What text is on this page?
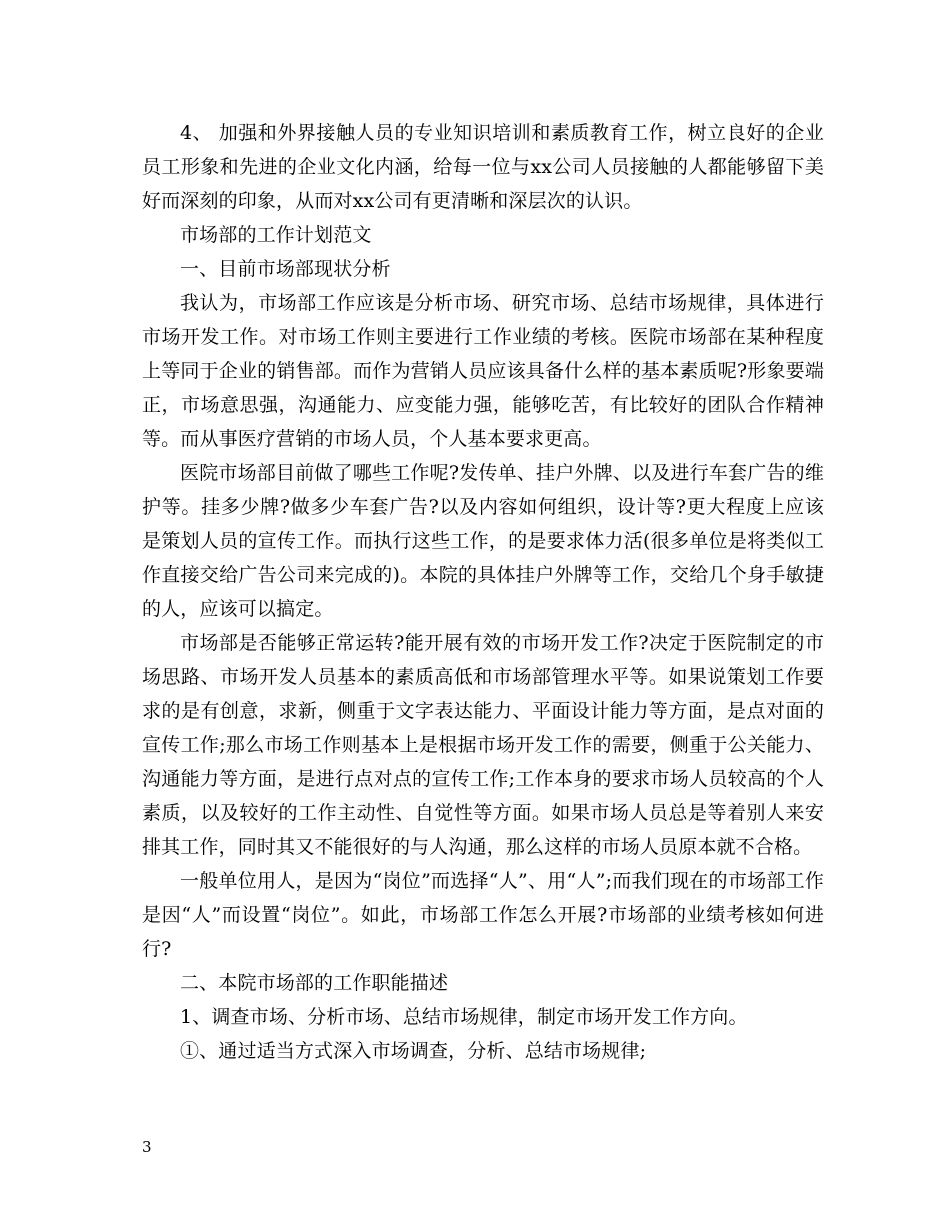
4、 加强和外界接触人员的专业知识培训和素质教育工作，树立良好的企业员工形象和先进的企业文化内涵，给每一位与xx公司人员接触的人都能够留下美好而深刻的印象，从而对xx公司有更清晰和深层次的认识。

市场部的工作计划范文

一、目前市场部现状分析

我认为，市场部工作应该是分析市场、研究市场、总结市场规律，具体进行市场开发工作。对市场工作则主要进行工作业绩的考核。医院市场部在某种程度上等同于企业的销售部。而作为营销人员应该具备什么样的基本素质呢?形象要端正，市场意思强，沟通能力、应变能力强，能够吃苦，有比较好的团队合作精神等。而从事医疗营销的市场人员，个人基本要求更高。

医院市场部目前做了哪些工作呢?发传单、挂户外牌、以及进行车套广告的维护等。挂多少牌?做多少车套广告?以及内容如何组织，设计等?更大程度上应该是策划人员的宣传工作。而执行这些工作，的是要求体力活(很多单位是将类似工作直接交给广告公司来完成的)。本院的具体挂户外牌等工作，交给几个身手敏捷的人，应该可以搞定。

市场部是否能够正常运转?能开展有效的市场开发工作?决定于医院制定的市场思路、市场开发人员基本的素质高低和市场部管理水平等。如果说策划工作要求的是有创意，求新，侧重于文字表达能力、平面设计能力等方面，是点对面的宣传工作;那么市场工作则基本上是根据市场开发工作的需要，侧重于公关能力、沟通能力等方面，是进行点对点的宣传工作;工作本身的要求市场人员较高的个人素质，以及较好的工作主动性、自觉性等方面。如果市场人员总是等着别人来安排其工作，同时其又不能很好的与人沟通，那么这样的市场人员原本就不合格。

一般单位用人，是因为“岗位”而选择“人”、用“人”;而我们现在的市场部工作是因“人”而设置“岗位”。如此，市场部工作怎么开展?市场部的业绩考核如何进行?

二、本院市场部的工作职能描述

1、调查市场、分析市场、总结市场规律，制定市场开发工作方向。

①、通过适当方式深入市场调查，分析、总结市场规律;

3
